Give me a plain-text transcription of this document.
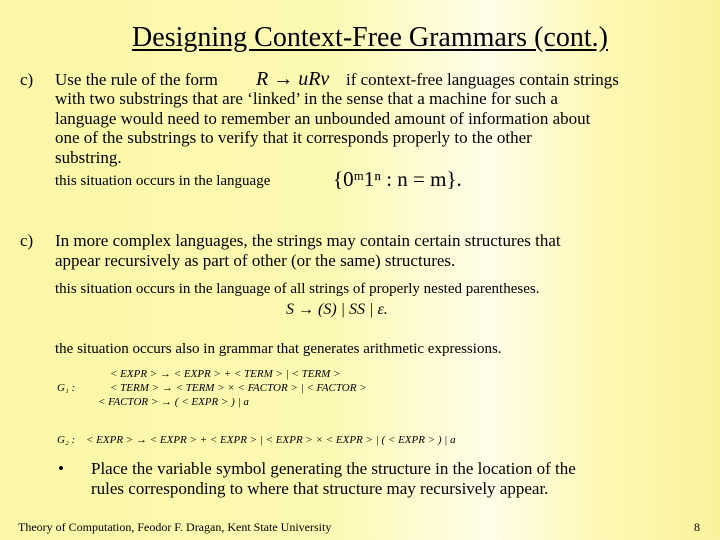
Designing Context-Free Grammars (cont.)
c) Use the rule of the form R → uRv if context-free languages contain strings
with two substrings that are ‘linked’ in the sense that a machine for such a
language would need to remember an unbounded amount of information about
one of the substrings to verify that it corresponds properly to the other
substring.
this situation occurs in the language	{0ᵐ1ⁿ : n = m}.
c) In more complex languages, the strings may contain certain structures that
appear recursively as part of other (or the same) structures.
this situation occurs in the language of all strings of properly nested parentheses.
S → (S) | SS | ε.
the situation occurs also in grammar that generates arithmetic expressions.
G₁ :
< EXPR > → < EXPR > + < TERM > | < TERM >
< TERM > → < TERM > × < FACTOR > | < FACTOR >
< FACTOR > → ( < EXPR > ) | a
G₂ : < EXPR > → < EXPR > + < EXPR > | < EXPR > × < EXPR > | ( < EXPR > ) | a
• Place the variable symbol generating the structure in the location of the
rules corresponding to where that structure may recursively appear.
Theory of Computation, Feodor F. Dragan, Kent State University	8
